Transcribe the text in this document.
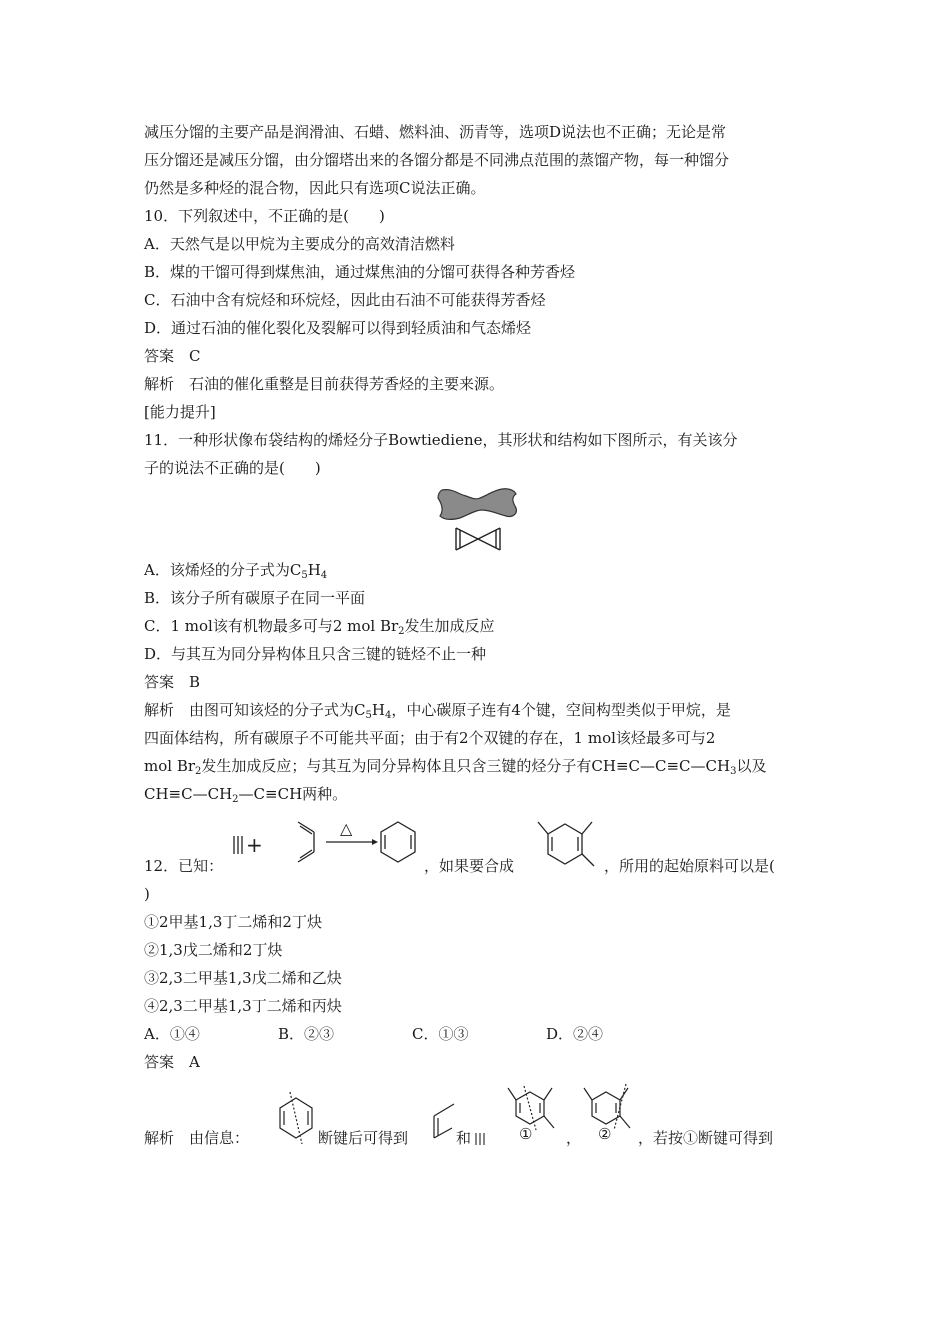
减压分馏的主要产品是润滑油、石蜡、燃料油、沥青等，选项D说法也不正确；无论是常
压分馏还是减压分馏，由分馏塔出来的各馏分都是不同沸点范围的蒸馏产物，每一种馏分
仍然是多种烃的混合物，因此只有选项C说法正确。
10．下列叙述中，不正确的是(　　)
A．天然气是以甲烷为主要成分的高效清洁燃料
B．煤的干馏可得到煤焦油，通过煤焦油的分馏可获得各种芳香烃
C．石油中含有烷烃和环烷烃，因此由石油不可能获得芳香烃
D．通过石油的催化裂化及裂解可以得到轻质油和气态烯烃
答案　C
解析　石油的催化重整是目前获得芳香烃的主要来源。
[能力提升]
11．一种形状像布袋结构的烯烃分子Bowtiediene，其形状和结构如下图所示，有关该分
子的说法不正确的是(　　)
A．该烯烃的分子式为$C_5H_4$
B．该分子所有碳原子在同一平面
C．1 mol该有机物最多可与2 mol $Br_2$发生加成反应
D．与其互为同分异构体且只含三键的链烃不止一种
答案　B
解析　由图可知该烃的分子式为$C_5H_4$，中心碳原子连有4个键，空间构型类似于甲烷，是
四面体结构，所有碳原子不可能共平面；由于有2个双键的存在，1 mol该烃最多可与2
mol $Br_2$发生加成反应；与其互为同分异构体且只含三键的烃分子有$CH\equiv C—C\equiv C—CH_3$以及
$CH\equiv C—CH_2—C\equiv CH$两种。
+
△
12．已知：	，如果要合成	，所用的起始原料可以是(
)
①2甲基1,3丁二烯和2丁炔
②1,3戊二烯和2丁炔
③2,3二甲基1,3戊二烯和乙炔
④2,3二甲基1,3丁二烯和丙炔
A．①④	B．②③	C．①③	D．②④
答案　A
解析　由信息：	断键后可得到	和	① ， ② ，若按①断键可得到
